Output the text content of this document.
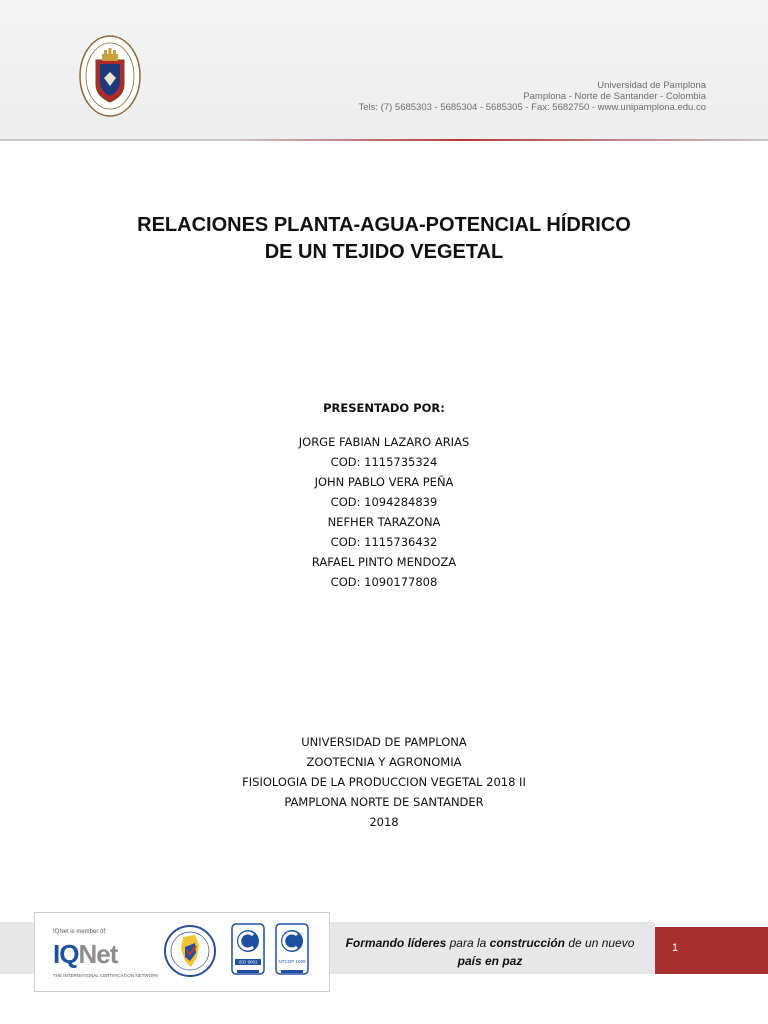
Universidad de Pamplona
Pamplona - Norte de Santander - Colombia
Tels: (7) 5685303 - 5685304 - 5685305 - Fax: 5682750 - www.unipamplona.edu.co
RELACIONES PLANTA-AGUA-POTENCIAL HÍDRICO
DE UN TEJIDO VEGETAL
PRESENTADO POR:
JORGE FABIAN LAZARO ARIAS
COD: 1115735324
JOHN PABLO VERA PEÑA
COD: 1094284839
NEFHER TARAZONA
COD: 1115736432
RAFAEL PINTO MENDOZA
COD: 1090177808
UNIVERSIDAD DE PAMPLONA
ZOOTECNIA Y AGRONOMIA
FISIOLOGIA DE LA PRODUCCION VEGETAL 2018 II
PAMPLONA NORTE DE SANTANDER
2018
1
Formando líderes para la construcción de un nuevo
país en paz
IQNet is member of:
IQNet
THE INTERNATIONAL CERTIFICATION NETWORK
ISO 9001	NTCGP 1000
